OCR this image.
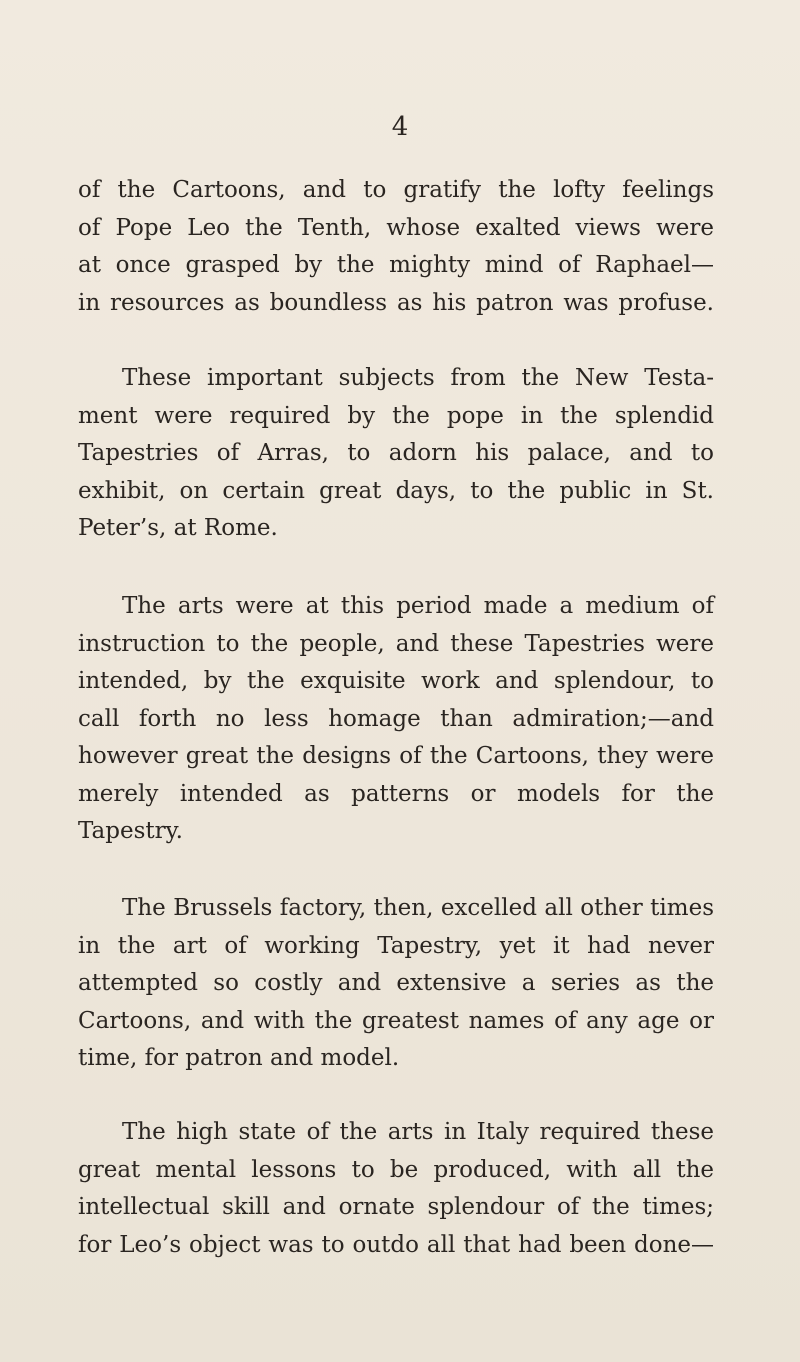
4
of the Cartoons, and to gratify the lofty feelings
of Pope Leo the Tenth, whose exalted views were
at once grasped by the mighty mind of Raphael—
in resources as boundless as his patron was profuse.
These important subjects from the New Testa-
ment were required by the pope in the splendid
Tapestries of Arras, to adorn his palace, and to
exhibit, on certain great days, to the public in St.
Peter’s, at Rome.
The arts were at this period made a medium of
instruction to the people, and these Tapestries were
intended, by the exquisite work and splendour, to
call forth no less homage than admiration;—and
however great the designs of the Cartoons, they were
merely intended as patterns or models for the
Tapestry.
The Brussels factory, then, excelled all other times
in the art of working Tapestry, yet it had never
attempted so costly and extensive a series as the
Cartoons, and with the greatest names of any age or
time, for patron and model.
The high state of the arts in Italy required these
great mental lessons to be produced, with all the
intellectual skill and ornate splendour of the times;
for Leo’s object was to outdo all that had been done—
